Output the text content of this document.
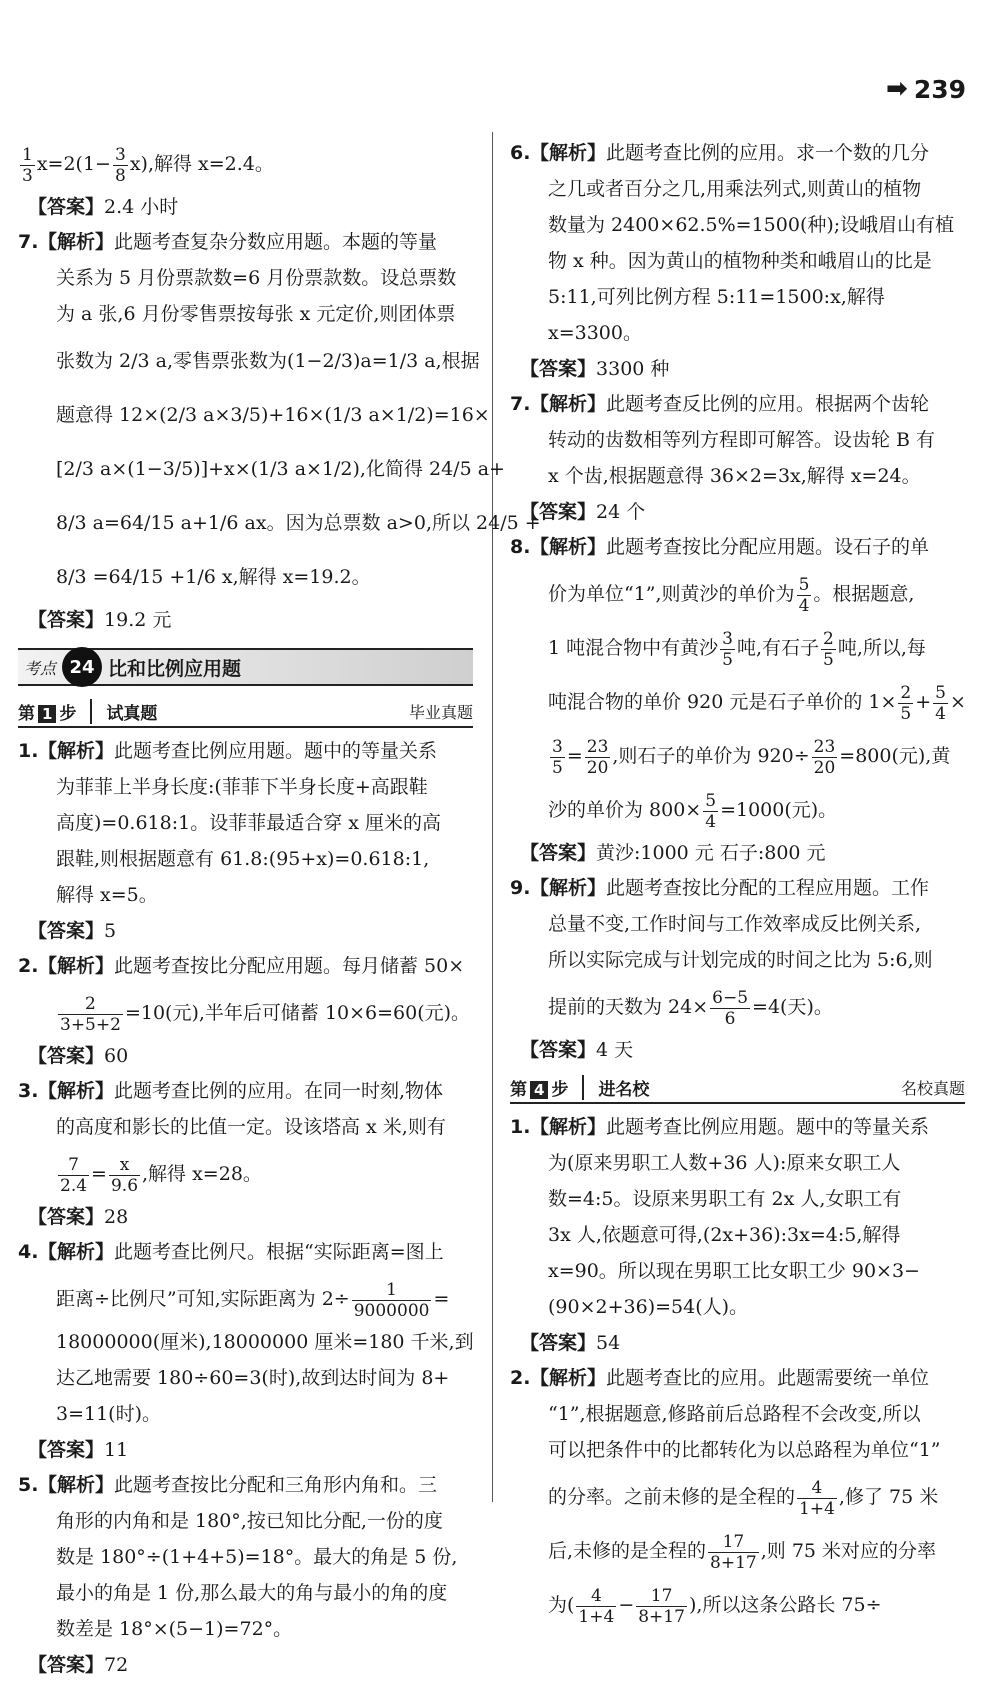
➡ 239
$\frac{1}{3} x=2(1- \frac{3}{8} x)$,解得 x=2.4。
【答案】2.4 小时
7.【解析】此题考查复杂分数应用题。本题的等量
关系为 5 月份票款数=6 月份票款数。设总票数
为 a 张,6 月份零售票按每张 x 元定价,则团体票
张数为 2/3 a,零售票张数为(1−2/3)a=1/3 a,根据
题意得 12×(2/3 a×3/5)+16×(1/3 a×1/2)=16×
[2/3 a×(1−3/5)]+x×(1/3 a×1/2),化简得 24/5 a+
8/3 a=64/15 a+1/6 ax。因为总票数 a>0,所以 24/5 +
8/3 =64/15 +1/6 x,解得 x=19.2。
【答案】19.2 元
考点 24 比和比例应用题
第 1 步	试真题	毕业真题
1.【解析】此题考查比例应用题。题中的等量关系
为菲菲上半身长度:(菲菲下半身长度+高跟鞋
高度)=0.618:1。设菲菲最适合穿 x 厘米的高
跟鞋,则根据题意有 61.8:(95+x)=0.618:1,
解得 x=5。
【答案】5
2.【解析】此题考查按比分配应用题。每月储蓄 50×
$\frac{2}{3+5+2} =10$(元),半年后可储蓄 10×6=60(元)。
【答案】60
3.【解析】此题考查比例的应用。在同一时刻,物体
的高度和影长的比值一定。设该塔高 x 米,则有
$\frac{7}{2.4} = \frac{x}{9.6}$ ,解得 x=28。
【答案】28
4.【解析】此题考查比例尺。根据“实际距离=图上
距离÷比例尺”可知,实际距离为 $2\div \frac{1}{9000000}$ =
18000000(厘米),18000000 厘米=180 千米,到
达乙地需要 180÷60=3(时),故到达时间为 8+
3=11(时)。
【答案】11
5.【解析】此题考查按比分配和三角形内角和。三
角形的内角和是 180°,按已知比分配,一份的度
数是 180°÷(1+4+5)=18°。最大的角是 5 份,
最小的角是 1 份,那么最大的角与最小的角的度
数差是 18°×(5−1)=72°。
【答案】72
6.【解析】此题考查比例的应用。求一个数的几分
之几或者百分之几,用乘法列式,则黄山的植物
数量为 2400×62.5%=1500(种);设峨眉山有植
物 x 种。因为黄山的植物种类和峨眉山的比是
5:11,可列比例方程 5:11=1500:x,解得
x=3300。
【答案】3300 种
7.【解析】此题考查反比例的应用。根据两个齿轮
转动的齿数相等列方程即可解答。设齿轮 B 有
x 个齿,根据题意得 36×2=3x,解得 x=24。
【答案】24 个
8.【解析】此题考查按比分配应用题。设石子的单
价为单位“1”,则黄沙的单价为 $\frac{5}{4}$ 。根据题意,
1 吨混合物中有黄沙 $\frac{3}{5}$ 吨,有石子 $\frac{2}{5}$ 吨,所以,每
吨混合物的单价 920 元是石子单价的 $1\times \frac{2}{5} + \frac{5}{4}$ ×
$\frac{3}{5} = \frac{23}{20}$ ,则石子的单价为 $920\div \frac{23}{20} =800$(元),黄
沙的单价为 $800\times \frac{5}{4} =1000$(元)。
【答案】黄沙:1000 元 石子:800 元
9.【解析】此题考查按比分配的工程应用题。工作
总量不变,工作时间与工作效率成反比例关系,
所以实际完成与计划完成的时间之比为 5:6,则
提前的天数为 $24\times \frac{6-5}{6} =4$(天)。
【答案】4 天
第 4 步	进名校	名校真题
1.【解析】此题考查比例应用题。题中的等量关系
为(原来男职工人数+36 人):原来女职工人
数=4:5。设原来男职工有 2x 人,女职工有
3x 人,依题意可得,(2x+36):3x=4:5,解得
x=90。所以现在男职工比女职工少 90×3−
(90×2+36)=54(人)。
【答案】54
2.【解析】此题考查比的应用。此题需要统一单位
“1”,根据题意,修路前后总路程不会改变,所以
可以把条件中的比都转化为以总路程为单位“1”
的分率。之前未修的是全程的 $\frac{4}{1+4}$ ,修了 75 米
后,未修的是全程的 $\frac{17}{8+17}$ ,则 75 米对应的分率
为( $\frac{4}{1+4} - \frac{17}{8+17}$ ),所以这条公路长 75÷
